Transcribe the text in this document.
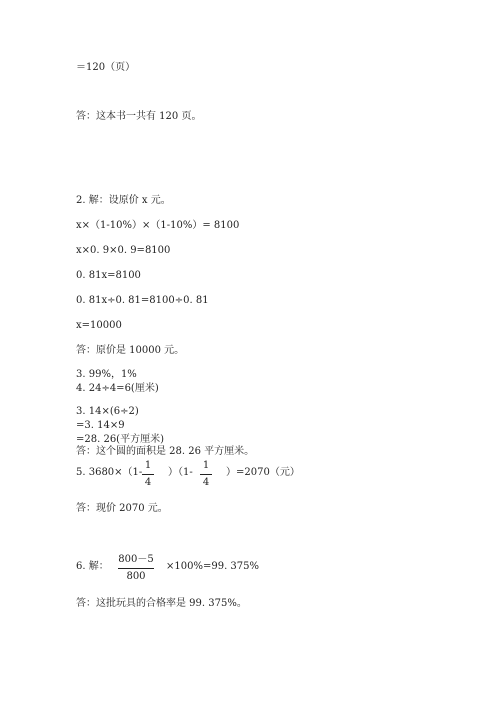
＝120（页）
答：这本书一共有 120 页。
2. 解：设原价 x 元。
x×（1-10%）×（1-10%）= 8100
x×0. 9×0. 9=8100
0. 81x=8100
0. 81x÷0. 81=8100÷0. 81
x=10000
答：原价是 10000 元。
3. 99%，1%
4. 24÷4=6(厘米)
3. 14×(6÷2)
=3. 14×9
=28. 26(平方厘米)
答：这个圆的面积是 28. 26 平方厘米。
5. 3680×（1-
1
4
）（1-
1
4
）=2070（元）
答：现价 2070 元。
6. 解：
800－5
800
×100%=99. 375%
答：这批玩具的合格率是 99. 375%。
